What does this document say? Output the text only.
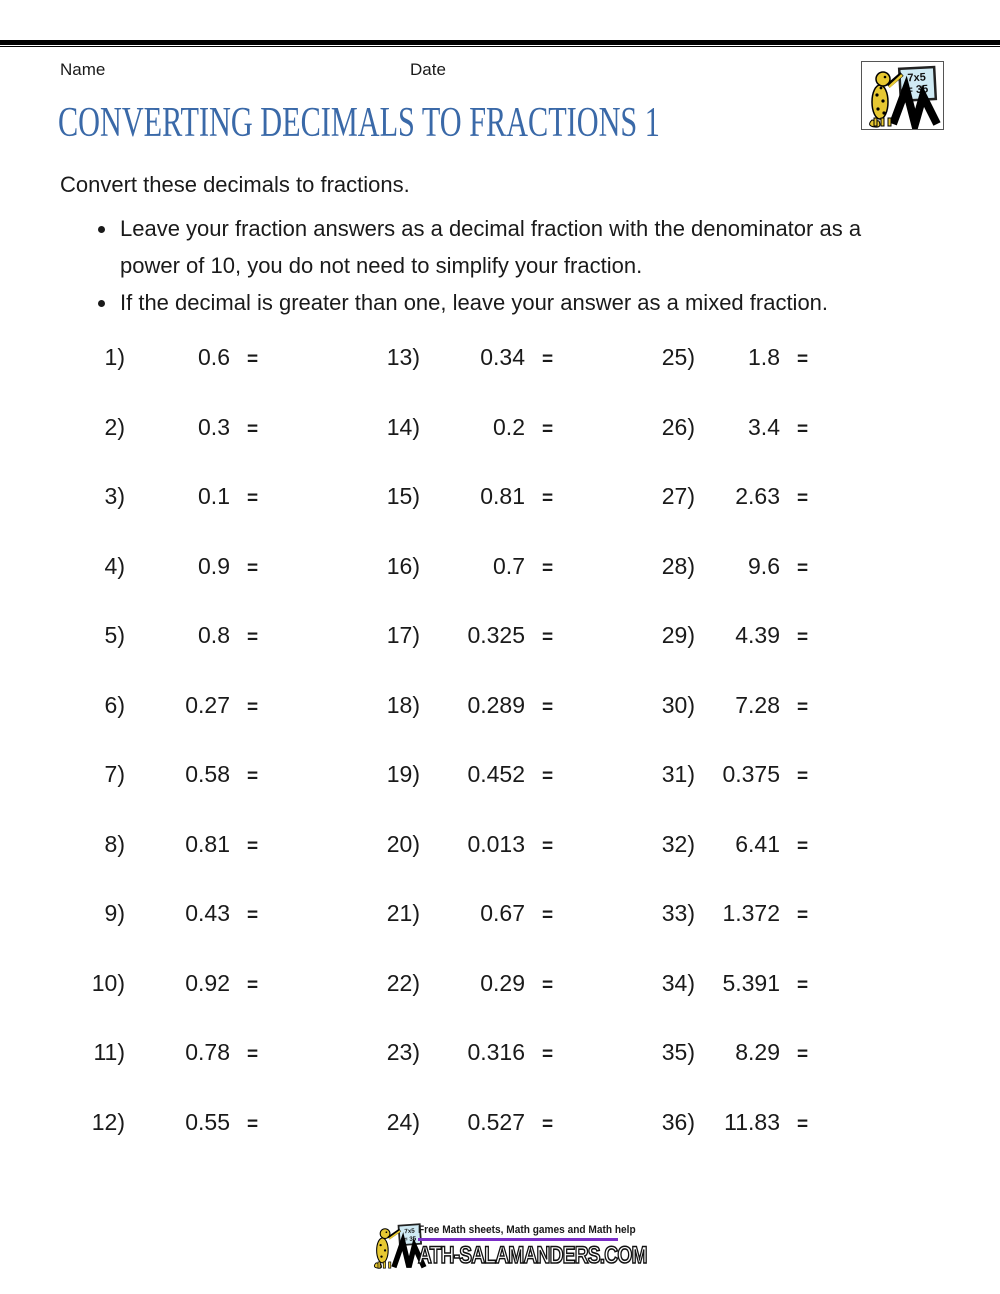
Name	Date	7x5
= 35
CONVERTING DECIMALS TO FRACTIONS 1
Convert these decimals to fractions.
• Leave your fraction answers as a decimal fraction with the denominator as a power of 10, you do not need to simplify your fraction.
• If the decimal is greater than one, leave your answer as a mixed fraction.
1)	0.6 =
2)	0.3 =
3)	0.1 =
4)	0.9 =
5)	0.8 =
6)	0.27 =
7)	0.58 =
8)	0.81 =
9)	0.43 =
10)	0.92 =
11)	0.78 =
12)	0.55 =
13)	0.34 =
14)	0.2 =
15)	0.81 =
16)	0.7 =
17)	0.325 =
18)	0.289 =
19)	0.452 =
20)	0.013 =
21)	0.67 =
22)	0.29 =
23)	0.316 =
24)	0.527 =
25)	1.8 =
26)	3.4 =
27)	2.63 =
28)	9.6 =
29)	4.39 =
30)	7.28 =
31)	0.375 =
32)	6.41 =
33)	1.372 =
34)	5.391 =
35)	8.29 =
36)	11.83 =
7x5
= 35
Free Math sheets, Math games and Math help
ATH-SALAMANDERS.COM
